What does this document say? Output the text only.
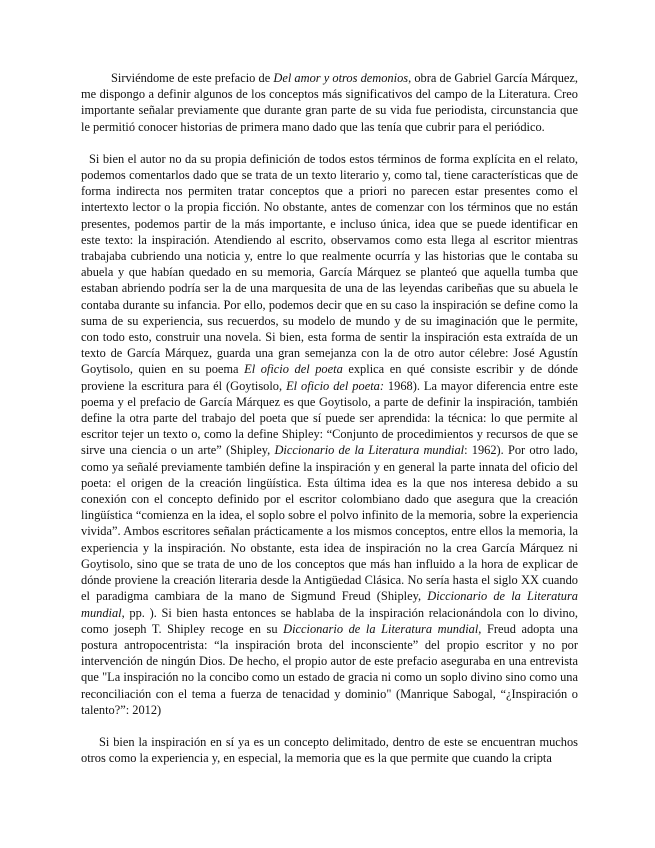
Sirviéndome de este prefacio de Del amor y otros demonios, obra de Gabriel García Márquez, me dispongo a definir algunos de los conceptos más significativos del campo de la Literatura. Creo importante señalar previamente que durante gran parte de su vida fue periodista, circunstancia que le permitió conocer historias de primera mano dado que las tenía que cubrir para el periódico.

Si bien el autor no da su propia definición de todos estos términos de forma explícita en el relato, podemos comentarlos dado que se trata de un texto literario y, como tal, tiene características que de forma indirecta nos permiten tratar conceptos que a priori no parecen estar presentes como el intertexto lector o la propia ficción. No obstante, antes de comenzar con los términos que no están presentes, podemos partir de la más importante, e incluso única, idea que se puede identificar en este texto: la inspiración. Atendiendo al escrito, observamos como esta llega al escritor mientras trabajaba cubriendo una noticia y, entre lo que realmente ocurría y las historias que le contaba su abuela y que habían quedado en su memoria, García Márquez se planteó que aquella tumba que estaban abriendo podría ser la de una marquesita de una de las leyendas caribeñas que su abuela le contaba durante su infancia. Por ello, podemos decir que en su caso la inspiración se define como la suma de su experiencia, sus recuerdos, su modelo de mundo y de su imaginación que le permite, con todo esto, construir una novela. Si bien, esta forma de sentir la inspiración esta extraída de un texto de García Márquez, guarda una gran semejanza con la de otro autor célebre: José Agustín Goytisolo, quien en su poema El oficio del poeta explica en qué consiste escribir y de dónde proviene la escritura para él (Goytisolo, El oficio del poeta: 1968). La mayor diferencia entre este poema y el prefacio de García Márquez es que Goytisolo, a parte de definir la inspiración, también define la otra parte del trabajo del poeta que sí puede ser aprendida: la técnica: lo que permite al escritor tejer un texto o, como la define Shipley: “Conjunto de procedimientos y recursos de que se sirve una ciencia o un arte” (Shipley, Diccionario de la Literatura mundial: 1962). Por otro lado, como ya señalé previamente también define la inspiración y en general la parte innata del oficio del poeta: el origen de la creación lingüística. Esta última idea es la que nos interesa debido a su conexión con el concepto definido por el escritor colombiano dado que asegura que la creación lingüística “comienza en la idea, el soplo sobre el polvo infinito de la memoria, sobre la experiencia vivida”. Ambos escritores señalan prácticamente a los mismos conceptos, entre ellos la memoria, la experiencia y la inspiración. No obstante, esta idea de inspiración no la crea García Márquez ni Goytisolo, sino que se trata de uno de los conceptos que más han influido a la hora de explicar de dónde proviene la creación literaria desde la Antigüedad Clásica. No sería hasta el siglo XX cuando el paradigma cambiara de la mano de Sigmund Freud (Shipley, Diccionario de la Literatura mundial, pp. ). Si bien hasta entonces se hablaba de la inspiración relacionándola con lo divino, como joseph T. Shipley recoge en su Diccionario de la Literatura mundial, Freud adopta una postura antropocentrista: “la inspiración brota del inconsciente” del propio escritor y no por intervención de ningún Dios. De hecho, el propio autor de este prefacio aseguraba en una entrevista que "La inspiración no la concibo como un estado de gracia ni como un soplo divino sino como una reconciliación con el tema a fuerza de tenacidad y dominio" (Manrique Sabogal, “¿Inspiración o talento?”: 2012)

Si bien la inspiración en sí ya es un concepto delimitado, dentro de este se encuentran muchos otros como la experiencia y, en especial, la memoria que es la que permite que cuando la cripta
